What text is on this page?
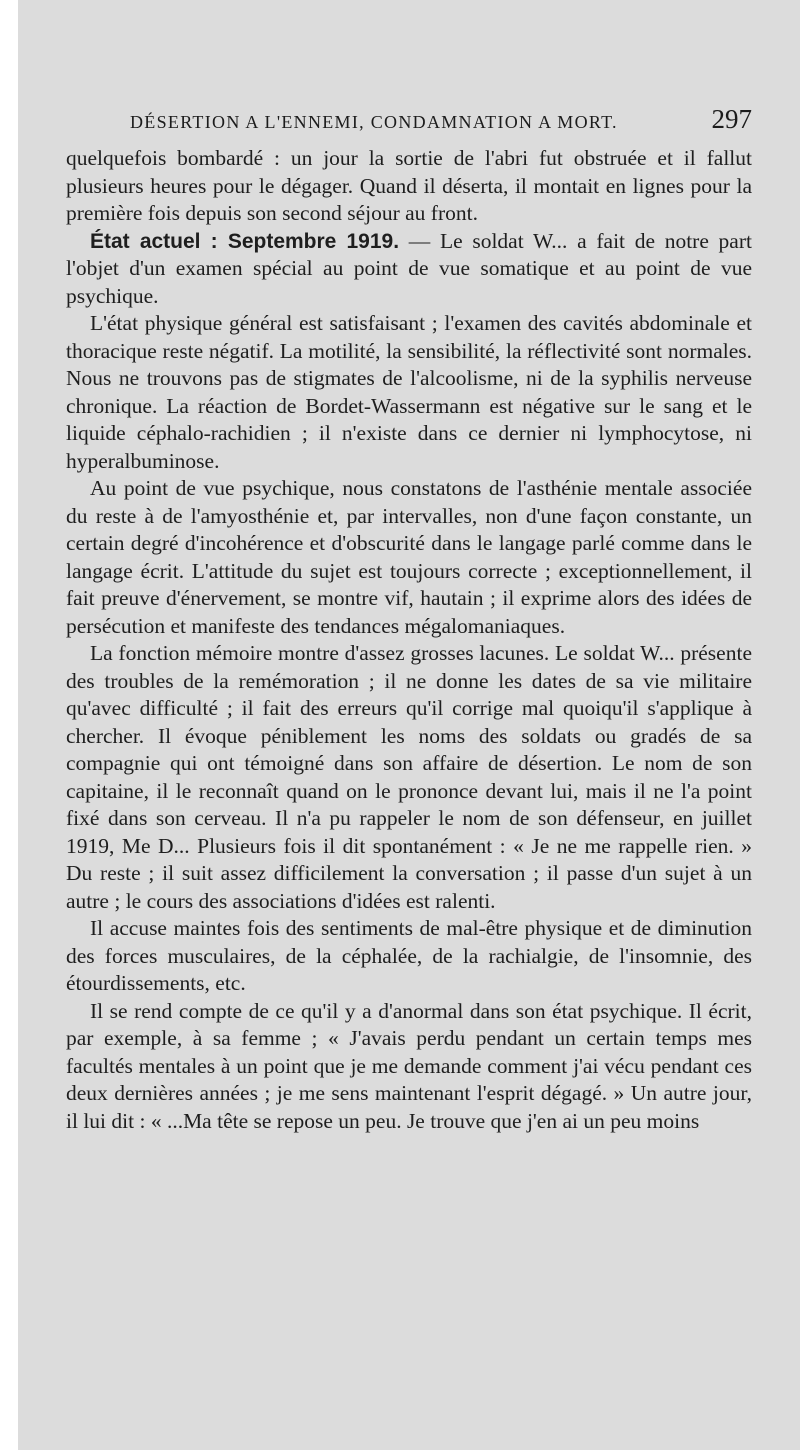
DÉSERTION A L'ENNEMI, CONDAMNATION A MORT.	297

quelquefois bombardé : un jour la sortie de l'abri fut obstruée et il fallut plusieurs heures pour le dégager. Quand il déserta, il montait en lignes pour la première fois depuis son second séjour au front.

État actuel : Septembre 1919. — Le soldat W... a fait de notre part l'objet d'un examen spécial au point de vue somatique et au point de vue psychique.

L'état physique général est satisfaisant ; l'examen des cavités abdominale et thoracique reste négatif. La motilité, la sensibilité, la réflectivité sont normales. Nous ne trouvons pas de stigmates de l'alcoolisme, ni de la syphilis nerveuse chronique. La réaction de Bordet-Wassermann est négative sur le sang et le liquide céphalo-rachidien ; il n'existe dans ce dernier ni lymphocytose, ni hyperalbuminose.

Au point de vue psychique, nous constatons de l'asthénie mentale associée du reste à de l'amyosthénie et, par intervalles, non d'une façon constante, un certain degré d'incohérence et d'obscurité dans le langage parlé comme dans le langage écrit. L'attitude du sujet est toujours correcte ; exceptionnellement, il fait preuve d'énervement, se montre vif, hautain ; il exprime alors des idées de persécution et manifeste des tendances mégalomaniaques.

La fonction mémoire montre d'assez grosses lacunes. Le soldat W... présente des troubles de la remémoration ; il ne donne les dates de sa vie militaire qu'avec difficulté ; il fait des erreurs qu'il corrige mal quoiqu'il s'applique à chercher. Il évoque péniblement les noms des soldats ou gradés de sa compagnie qui ont témoigné dans son affaire de désertion. Le nom de son capitaine, il le reconnaît quand on le prononce devant lui, mais il ne l'a point fixé dans son cerveau. Il n'a pu rappeler le nom de son défenseur, en juillet 1919, Me D... Plusieurs fois il dit spontanément : « Je ne me rappelle rien. » Du reste ; il suit assez difficilement la conversation ; il passe d'un sujet à un autre ; le cours des associations d'idées est ralenti.

Il accuse maintes fois des sentiments de mal-être physique et de diminution des forces musculaires, de la céphalée, de la rachialgie, de l'insomnie, des étourdissements, etc.

Il se rend compte de ce qu'il y a d'anormal dans son état psychique. Il écrit, par exemple, à sa femme ; « J'avais perdu pendant un certain temps mes facultés mentales à un point que je me demande comment j'ai vécu pendant ces deux dernières années ; je me sens maintenant l'esprit dégagé. » Un autre jour, il lui dit : « ...Ma tête se repose un peu. Je trouve que j'en ai un peu moins
